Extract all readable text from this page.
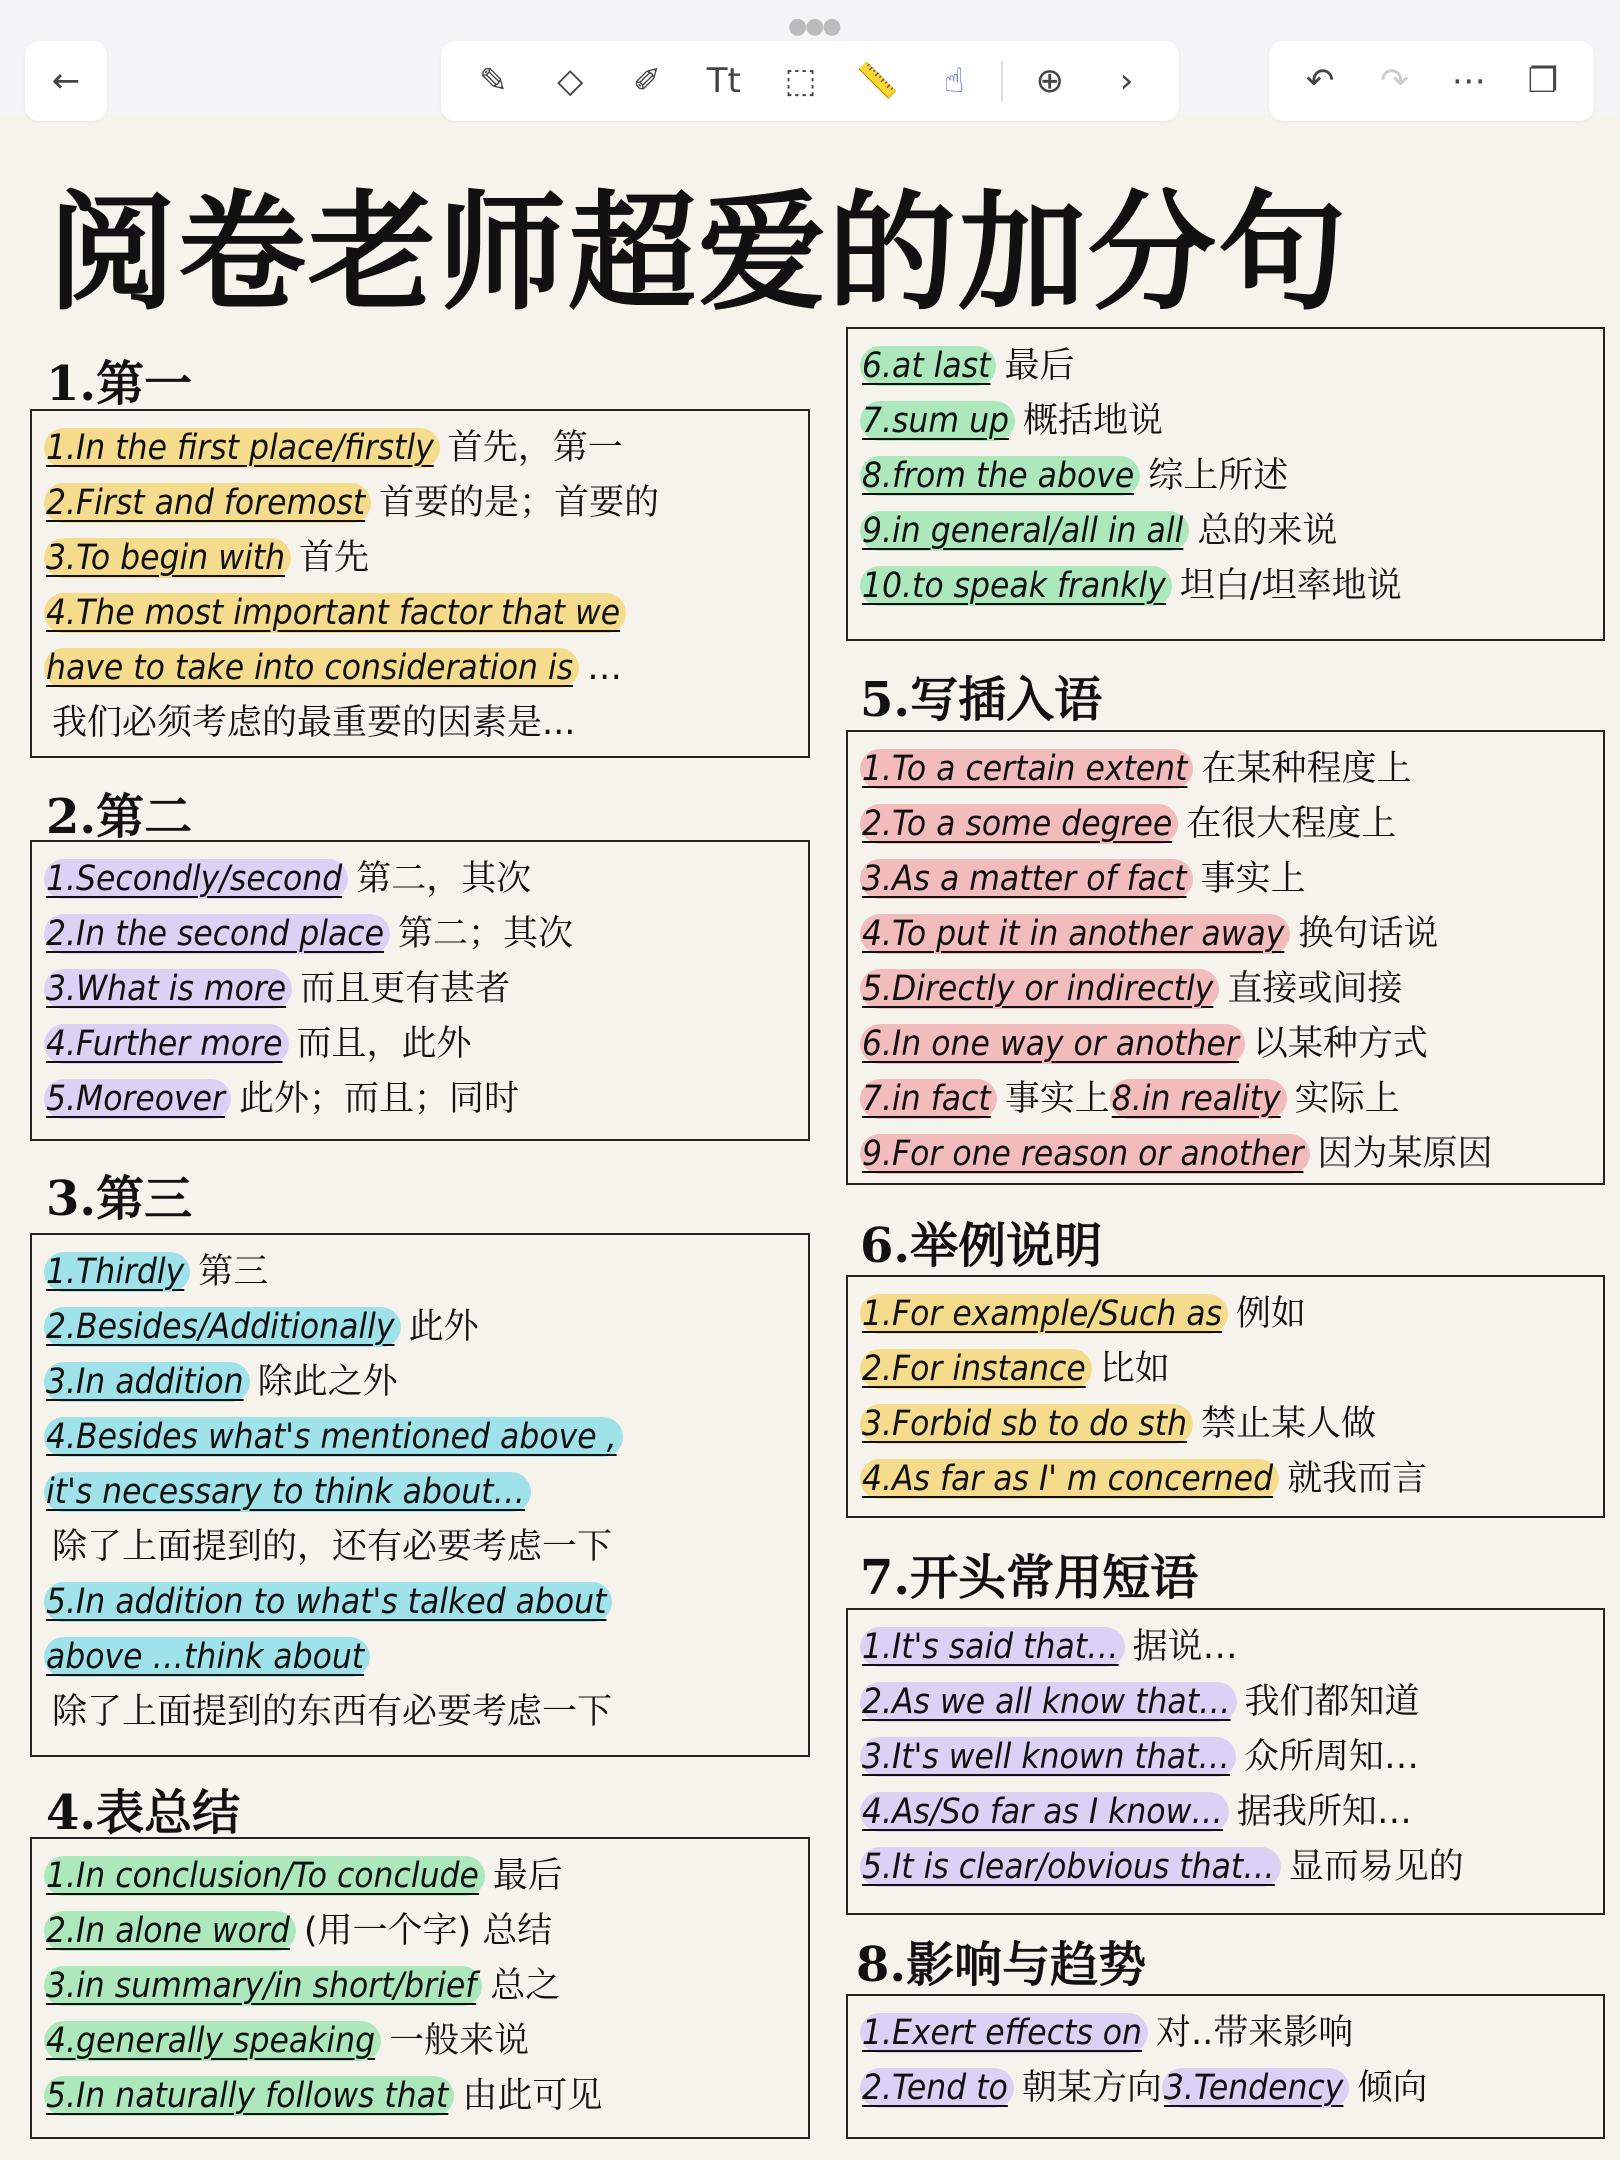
●●●
←	✎	◇	✐	Tt	⬚	📏	☝	⊕	›	↶	↷	⋯	❐
阅卷老师超爱的加分句
1.第一
1.In the first place/firstly 首先，第一
2.First and foremost 首要的是；首要的
3.To begin with 首先
4.The most important factor that we
have to take into consideration is …
我们必须考虑的最重要的因素是...
2.第二
1.Secondly/second 第二，其次
2.In the second place 第二；其次
3.What is more 而且更有甚者
4.Further more 而且，此外
5.Moreover 此外；而且；同时
3.第三
1.Thirdly 第三
2.Besides/Additionally 此外
3.In addition 除此之外
4.Besides what's mentioned above ,
it's necessary to think about…
除了上面提到的，还有必要考虑一下
5.In addition to what's talked about
above …think about
除了上面提到的东西有必要考虑一下
4.表总结
1.In conclusion/To conclude 最后
2.In alone word (用一个字) 总结
3.in summary/in short/brief 总之
4.generally speaking 一般来说
5.In naturally follows that 由此可见
6.at last 最后
7.sum up 概括地说
8.from the above 综上所述
9.in general/all in all 总的来说
10.to speak frankly 坦白/坦率地说
5.写插入语
1.To a certain extent 在某种程度上
2.To a some degree 在很大程度上
3.As a matter of fact 事实上
4.To put it in another away 换句话说
5.Directly or indirectly 直接或间接
6.In one way or another 以某种方式
7.in fact 事实上8.in reality 实际上
9.For one reason or another 因为某原因
6.举例说明
1.For example/Such as 例如
2.For instance 比如
3.Forbid sb to do sth 禁止某人做
4.As far as I' m concerned 就我而言
7.开头常用短语
1.It's said that… 据说…
2.As we all know that… 我们都知道
3.It's well known that… 众所周知…
4.As/So far as I know… 据我所知…
5.It is clear/obvious that… 显而易见的
8.影响与趋势
1.Exert effects on 对..带来影响
2.Tend to 朝某方向3.Tendency 倾向
